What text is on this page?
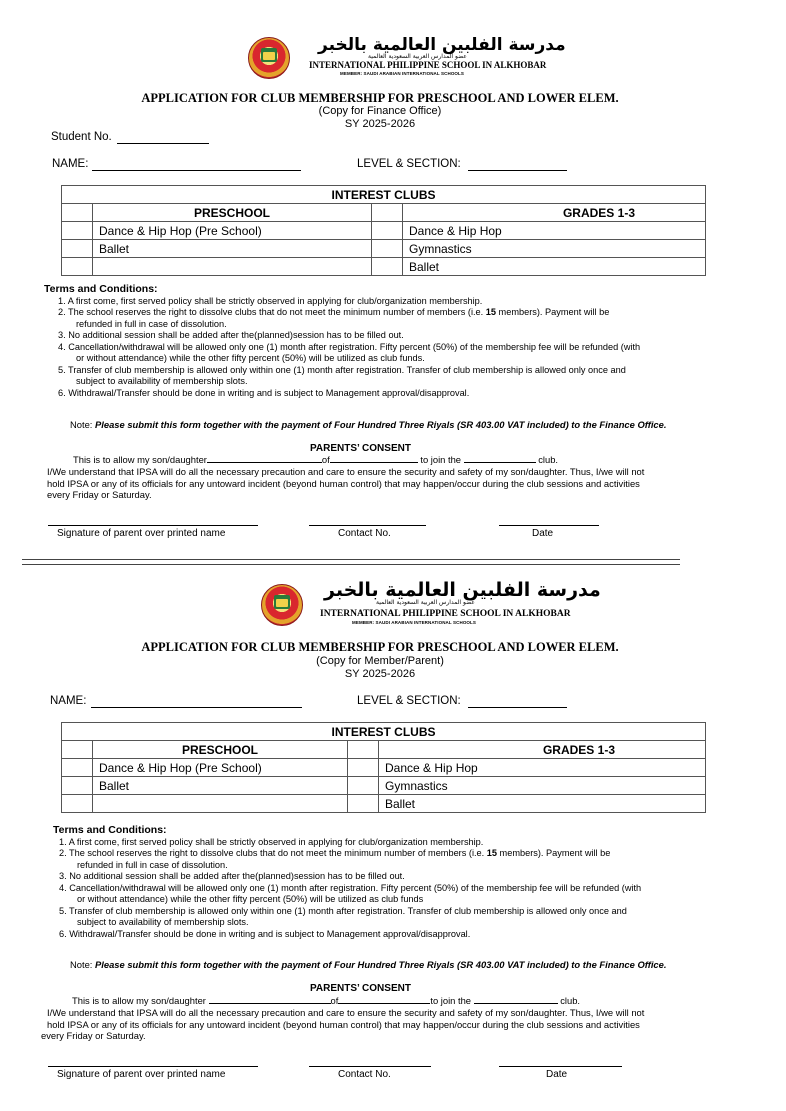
مدرسة الفلبين العالمية بالخبر
عضو المدارس العربية السعودية العالمية
INTERNATIONAL PHILIPPINE SCHOOL IN ALKHOBAR
MEMBER: SAUDI ARABIAN INTERNATIONAL SCHOOLS
APPLICATION FOR CLUB MEMBERSHIP FOR PRESCHOOL AND LOWER ELEM.
(Copy for Finance Office)
SY 2025-2026
Student No.
NAME:	LEVEL & SECTION:
INTEREST CLUBS			
	PRESCHOOL		GRADES 1-3
	Dance & Hip Hop (Pre School)		Dance & Hip Hop
	Ballet		Gymnastics
			Ballet
Terms and Conditions:
1. A first come, first served policy shall be strictly observed in applying for club/organization membership.
2. The school reserves the right to dissolve clubs that do not meet the minimum number of members (i.e. 15 members). Payment will be
refunded in full in case of dissolution.
3. No additional session shall be added after the(planned)session has to be filled out.
4. Cancellation/withdrawal will be allowed only one (1) month after registration. Fifty percent (50%) of the membership fee will be refunded (with
or without attendance) while the other fifty percent (50%) will be utilized as club funds.
5. Transfer of club membership is allowed only within one (1) month after registration. Transfer of club membership is allowed only once and
subject to availability of membership slots.
6. Withdrawal/Transfer should be done in writing and is subject to Management approval/disapproval.
Note: Please submit this form together with the payment of Four Hundred Three Riyals (SR 403.00 VAT included) to the Finance Office.
PARENTS’ CONSENT
This is to allow my son/daughter	of	to join the	club.
I/We understand that IPSA will do all the necessary precaution and care to ensure the security and safety of my son/daughter. Thus, I/we will not
hold IPSA or any of its officials for any untoward incident (beyond human control) that may happen/occur during the club sessions and activities
every Friday or Saturday.
Signature of parent over printed name	Contact No.	Date
مدرسة الفلبين العالمية بالخبر
عضو المدارس العربية السعودية العالمية
INTERNATIONAL PHILIPPINE SCHOOL IN ALKHOBAR
MEMBER: SAUDI ARABIAN INTERNATIONAL SCHOOLS
APPLICATION FOR CLUB MEMBERSHIP FOR PRESCHOOL AND LOWER ELEM.
(Copy for Member/Parent)
SY 2025-2026
NAME:	LEVEL & SECTION:
INTEREST CLUBS			
	PRESCHOOL		GRADES 1-3
	Dance & Hip Hop (Pre School)		Dance & Hip Hop
	Ballet		Gymnastics
			Ballet
Terms and Conditions:
1. A first come, first served policy shall be strictly observed in applying for club/organization membership.
2. The school reserves the right to dissolve clubs that do not meet the minimum number of members (i.e. 15 members). Payment will be
refunded in full in case of dissolution.
3. No additional session shall be added after the(planned)session has to be filled out.
4. Cancellation/withdrawal will be allowed only one (1) month after registration. Fifty percent (50%) of the membership fee will be refunded (with
or without attendance) while the other fifty percent (50%) will be utilized as club funds
5. Transfer of club membership is allowed only within one (1) month after registration. Transfer of club membership is allowed only once and
subject to availability of membership slots.
6. Withdrawal/Transfer should be done in writing and is subject to Management approval/disapproval.
Note: Please submit this form together with the payment of Four Hundred Three Riyals (SR 403.00 VAT included) to the Finance Office.
PARENTS’ CONSENT
This is to allow my son/daughter	of	to join the	club.
I/We understand that IPSA will do all the necessary precaution and care to ensure the security and safety of my son/daughter. Thus, I/we will not
hold IPSA or any of its officials for any untoward incident (beyond human control) that may happen/occur during the club sessions and activities
every Friday or Saturday.
Signature of parent over printed name	Contact No.	Date
